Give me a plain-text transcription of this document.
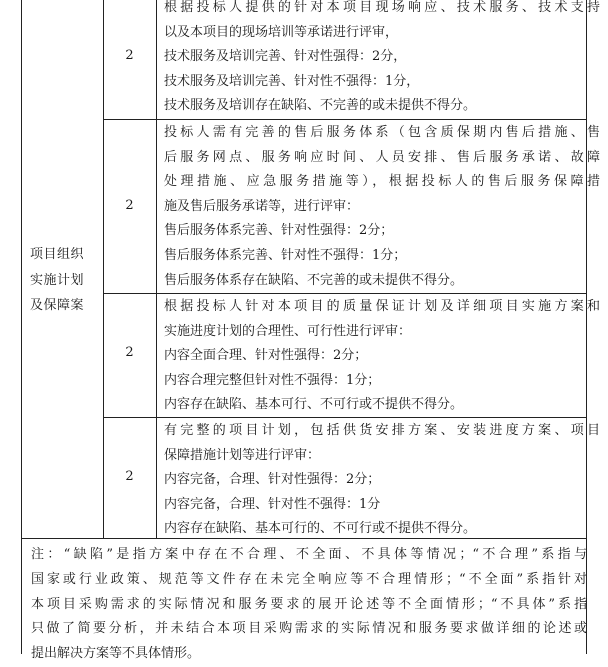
项目组织
实施计划
及保障案
2
根据投标人提供的针对本项目现场响应、技术服务、技术支持
以及本项目的现场培训等承诺进行评审，
技术服务及培训完善、针对性强得：2分，
技术服务及培训完善、针对性不强得：1分，
技术服务及培训存在缺陷、不完善的或未提供不得分。
2
投标人需有完善的售后服务体系（包含质保期内售后措施、售
后服务网点、服务响应时间、人员安排、售后服务承诺、故障
处理措施、应急服务措施等），根据投标人的售后服务保障措
施及售后服务承诺等，进行评审：
售后服务体系完善、针对性强得：2分；
售后服务体系完善、针对性不强得：1分；
售后服务体系存在缺陷、不完善的或未提供不得分。
2
根据投标人针对本项目的质量保证计划及详细项目实施方案和
实施进度计划的合理性、可行性进行评审：
内容全面合理、针对性强得：2分；
内容合理完整但针对性不强得：1分；
内容存在缺陷、基本可行、不可行或不提供不得分。
2
有完整的项目计划，包括供货安排方案、安装进度方案、项目
保障措施计划等进行评审：
内容完备，合理、针对性强得：2分；
内容完备，合理、针对性不强得：1分
内容存在缺陷、基本可行的、不可行或不提供不得分。
注：“缺陷”是指方案中存在不合理、不全面、不具体等情况；“不合理”系指与
国家或行业政策、规范等文件存在未完全响应等不合理情形；“不全面”系指针对
本项目采购需求的实际情况和服务要求的展开论述等不全面情形；“不具体”系指
只做了简要分析，并未结合本项目采购需求的实际情况和服务要求做详细的论述或
提出解决方案等不具体情形。
